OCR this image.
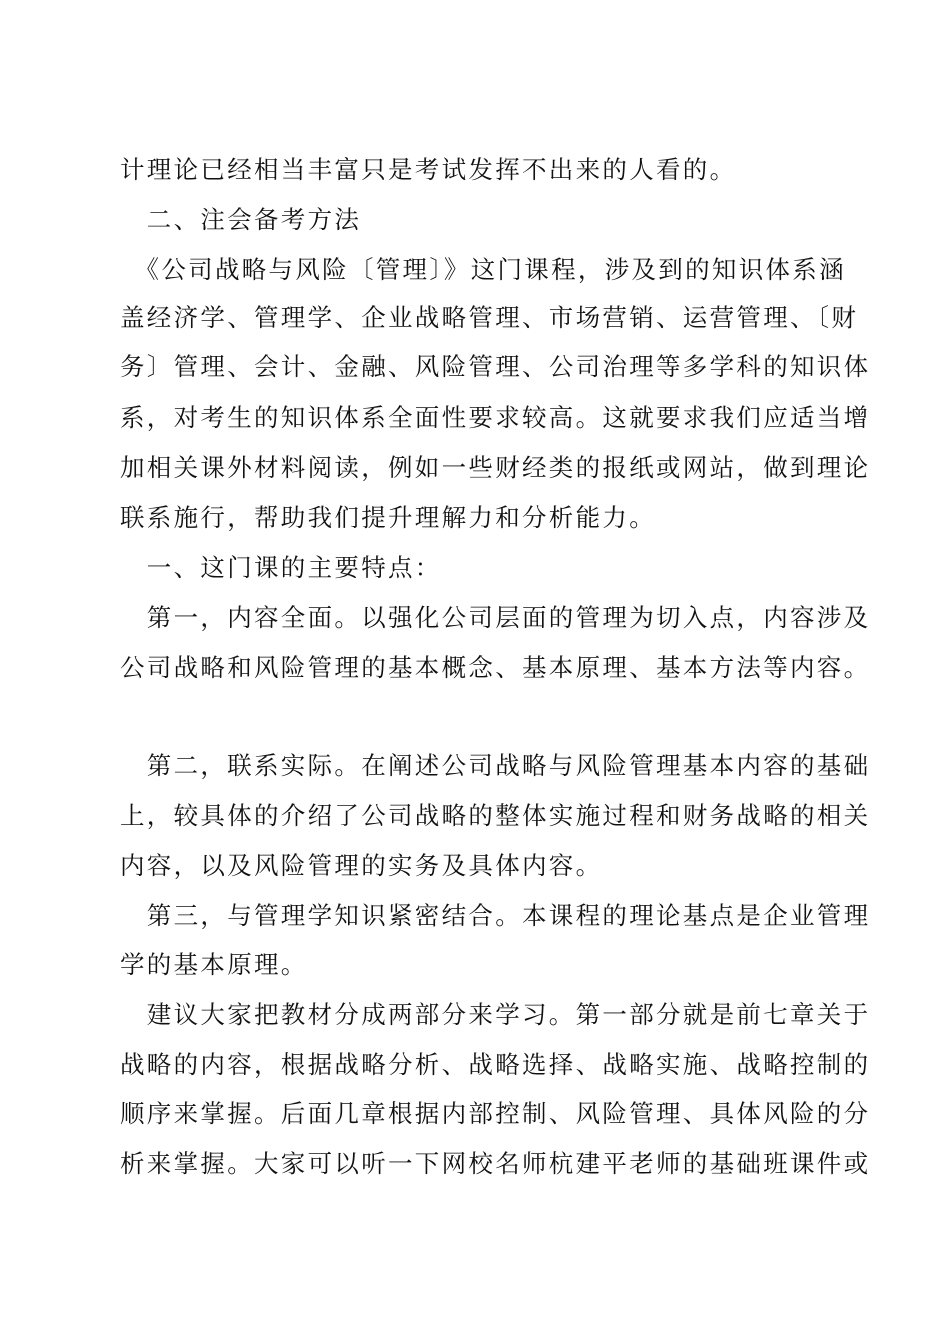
计理论已经相当丰富只是考试发挥不出来的人看的。
　二、注会备考方法
　《公司战略与风险〔管理〕》这门课程，涉及到的知识体系涵
盖经济学、管理学、企业战略管理、市场营销、运营管理、〔财
务〕管理、会计、金融、风险管理、公司治理等多学科的知识体
系，对考生的知识体系全面性要求较高。这就要求我们应适当增
加相关课外材料阅读，例如一些财经类的报纸或网站，做到理论
联系施行，帮助我们提升理解力和分析能力。
　一、这门课的主要特点：
　第一，内容全面。以强化公司层面的管理为切入点，内容涉及
公司战略和风险管理的基本概念、基本原理、基本方法等内容。
　第二，联系实际。在阐述公司战略与风险管理基本内容的基础
上，较具体的介绍了公司战略的整体实施过程和财务战略的相关
内容，以及风险管理的实务及具体内容。
　第三，与管理学知识紧密结合。本课程的理论基点是企业管理
学的基本原理。
　建议大家把教材分成两部分来学习。第一部分就是前七章关于
战略的内容，根据战略分析、战略选择、战略实施、战略控制的
顺序来掌握。后面几章根据内部控制、风险管理、具体风险的分
析来掌握。大家可以听一下网校名师杭建平老师的基础班课件或
